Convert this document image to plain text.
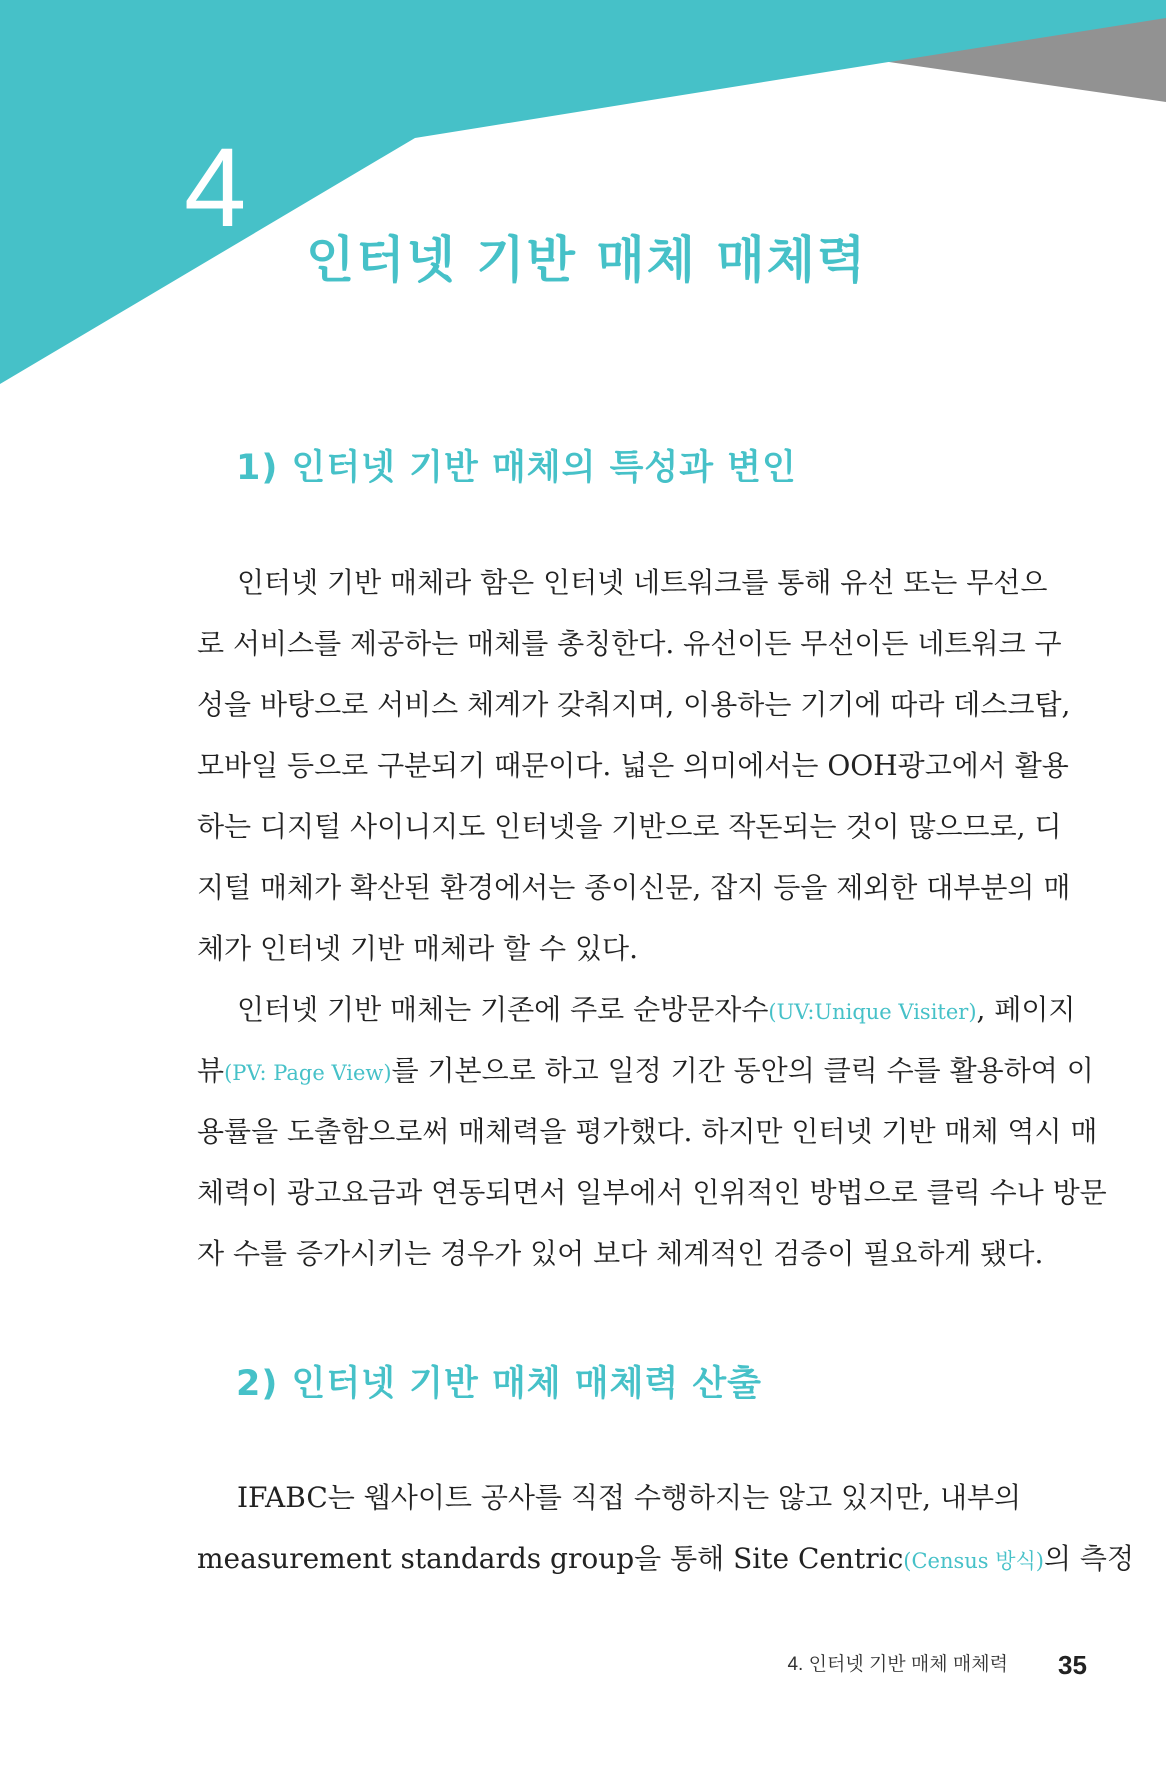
4
인터넷 기반 매체 매체력
1) 인터넷 기반 매체의 특성과 변인
인터넷 기반 매체라 함은 인터넷 네트워크를 통해 유선 또는 무선으
로 서비스를 제공하는 매체를 총칭한다. 유선이든 무선이든 네트워크 구
성을 바탕으로 서비스 체계가 갖춰지며, 이용하는 기기에 따라 데스크탑,
모바일 등으로 구분되기 때문이다. 넓은 의미에서는 OOH광고에서 활용
하는 디지털 사이니지도 인터넷을 기반으로 작돈되는 것이 많으므로, 디
지털 매체가 확산된 환경에서는 종이신문, 잡지 등을 제외한 대부분의 매
체가 인터넷 기반 매체라 할 수 있다.
인터넷 기반 매체는 기존에 주로 순방문자수(UV:Unique Visiter), 페이지
뷰(PV: Page View)를 기본으로 하고 일정 기간 동안의 클릭 수를 활용하여 이
용률을 도출함으로써 매체력을 평가했다. 하지만 인터넷 기반 매체 역시 매
체력이 광고요금과 연동되면서 일부에서 인위적인 방법으로 클릭 수나 방문
자 수를 증가시키는 경우가 있어 보다 체계적인 검증이 필요하게 됐다.
2) 인터넷 기반 매체 매체력 산출
IFABC는 웹사이트 공사를 직접 수행하지는 않고 있지만, 내부의
measurement standards group을 통해 Site Centric(Census 방식)의 측정
4. 인터넷 기반 매체 매체력 35
